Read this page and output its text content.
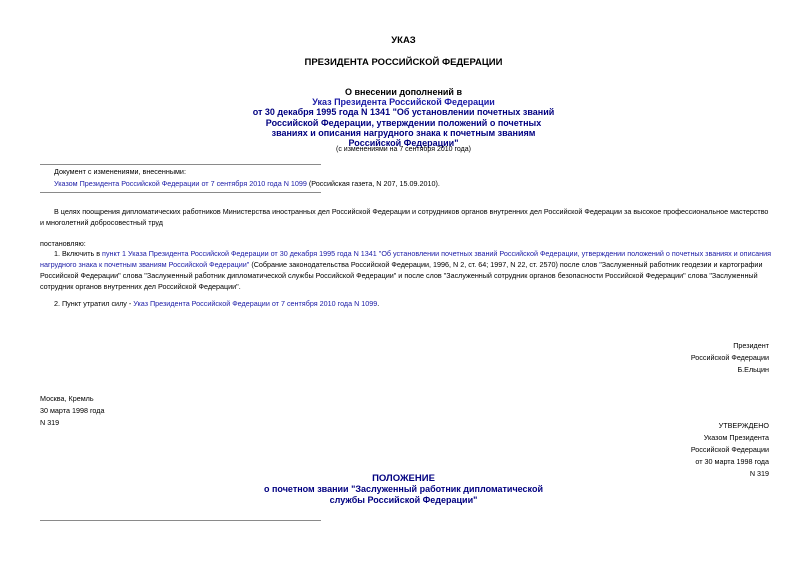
УКАЗ
ПРЕЗИДЕНТА РОССИЙСКОЙ ФЕДЕРАЦИИ
О внесении дополнений в
Указ Президента Российской Федерации
от 30 декабря 1995 года N 1341 "Об установлении почетных званий
Российской Федерации, утверждении положений о почетных
званиях и описания нагрудного знака к почетным званиям
Российской Федерации"
(с изменениями на 7 сентября 2010 года)
Документ с изменениями, внесенными:
Указом Президента Российской Федерации от 7 сентября 2010 года N 1099 (Российская газета, N 207, 15.09.2010).
В целях поощрения дипломатических работников Министерства иностранных дел Российской Федерации и сотрудников органов внутренних дел Российской Федерации за высокое профессиональное мастерство
и многолетний добросовестный труд
постановляю:
1. Включить в пункт 1 Указа Президента Российской Федерации от 30 декабря 1995 года N 1341 "Об установлении почетных званий Российской Федерации, утверждении положений о почетных званиях и описания
нагрудного знака к почетным званиям Российской Федерации" (Собрание законодательства Российской Федерации, 1996, N 2, ст. 64; 1997, N 22, ст. 2570) после слов "Заслуженный работник геодезии и картографии
Российской Федерации" слова "Заслуженный работник дипломатической службы Российской Федерации" и после слов "Заслуженный сотрудник органов безопасности Российской Федерации" слова "Заслуженный
сотрудник органов внутренних дел Российской Федерации".
2. Пункт утратил силу - Указ Президента Российской Федерации от 7 сентября 2010 года N 1099.
Президент
Российской Федерации
Б.Ельцин
Москва, Кремль
30 марта 1998 года
N 319	УТВЕРЖДЕНО
Указом Президента
Российской Федерации
от 30 марта 1998 года
N 319
ПОЛОЖЕНИЕ
о почетном звании "Заслуженный работник дипломатической
службы Российской Федерации"
